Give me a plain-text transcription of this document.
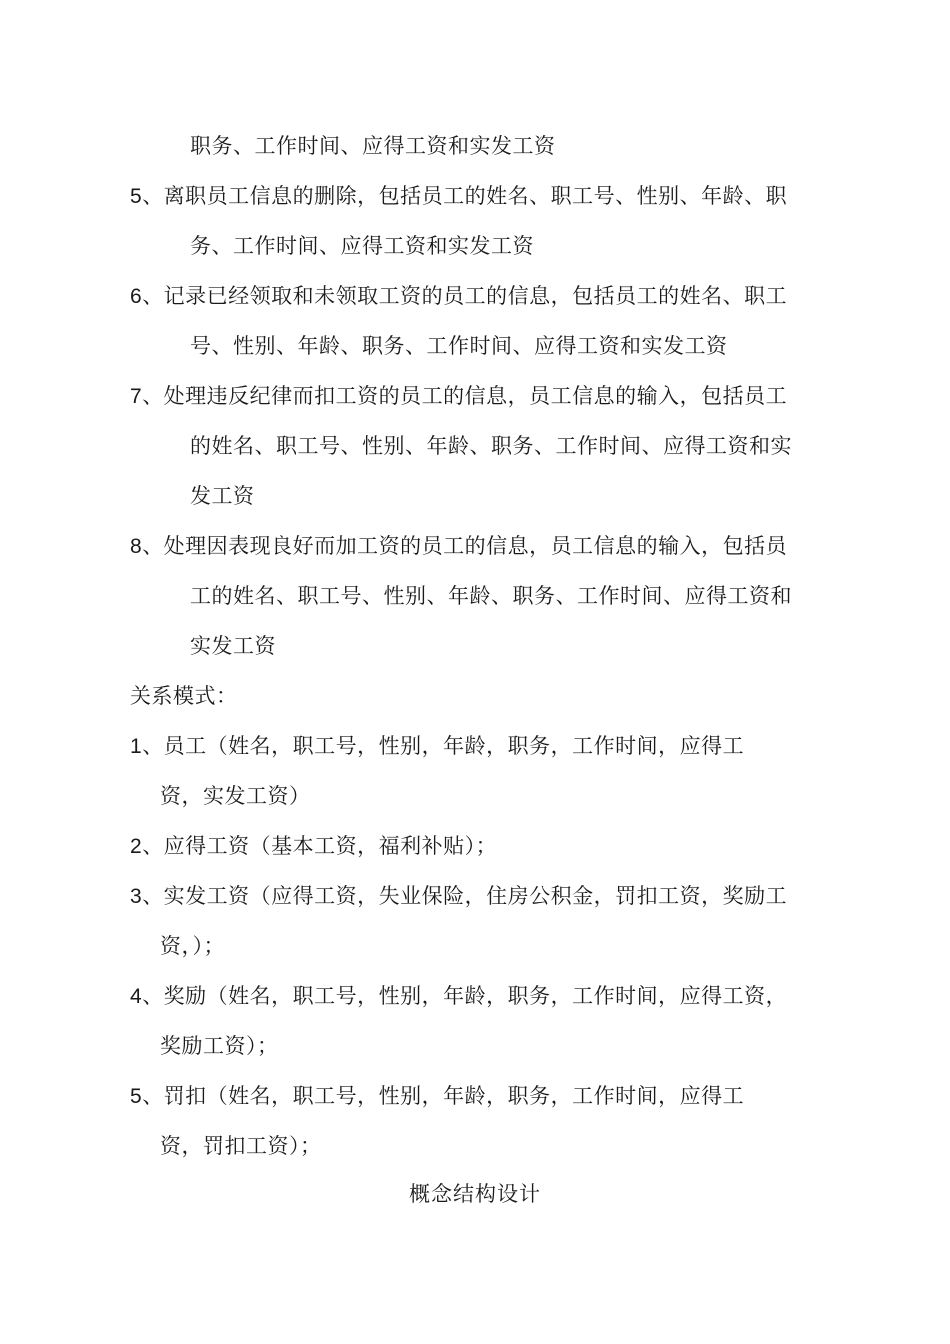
职务、工作时间、应得工资和实发工资
5、离职员工信息的删除，包括员工的姓名、职工号、性别、年龄、职
务、工作时间、应得工资和实发工资
6、记录已经领取和未领取工资的员工的信息，包括员工的姓名、职工
号、性别、年龄、职务、工作时间、应得工资和实发工资
7、处理违反纪律而扣工资的员工的信息，员工信息的输入，包括员工
的姓名、职工号、性别、年龄、职务、工作时间、应得工资和实
发工资
8、处理因表现良好而加工资的员工的信息，员工信息的输入，包括员
工的姓名、职工号、性别、年龄、职务、工作时间、应得工资和
实发工资
关系模式：
1、员工（姓名，职工号，性别，年龄，职务，工作时间，应得工
资，实发工资）
2、应得工资（基本工资，福利补贴）；
3、实发工资（应得工资，失业保险，住房公积金，罚扣工资，奖励工
资，）；
4、奖励（姓名，职工号，性别，年龄，职务，工作时间，应得工资，
奖励工资）；
5、罚扣（姓名，职工号，性别，年龄，职务，工作时间，应得工
资，罚扣工资）；
概念结构设计
